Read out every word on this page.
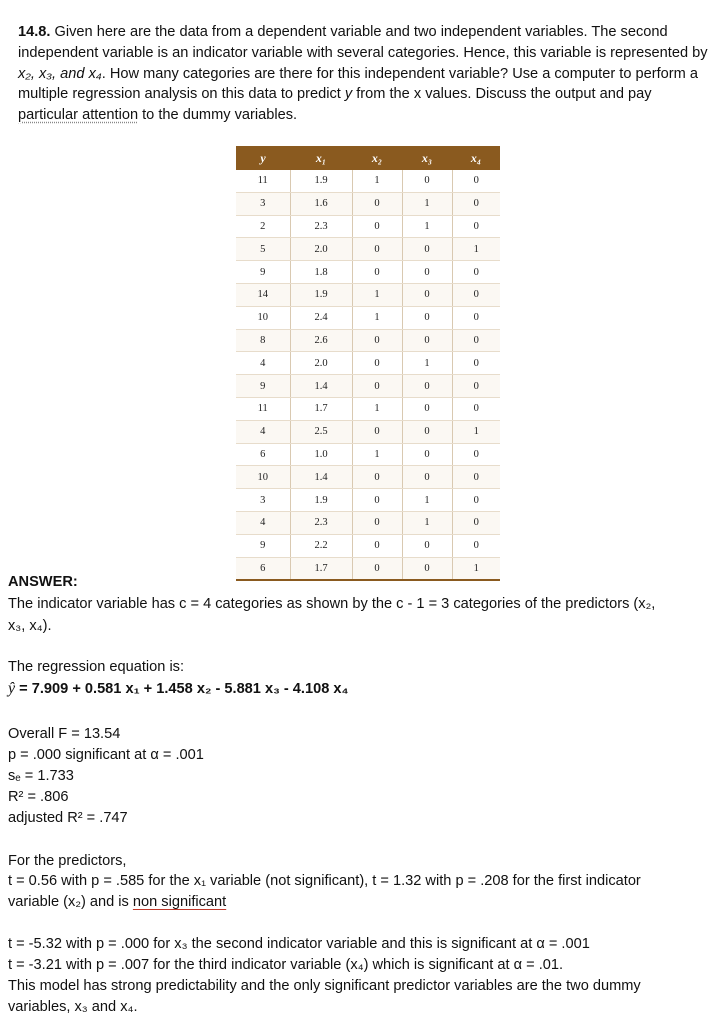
14.8. Given here are the data from a dependent variable and two independent variables. The second independent variable is an indicator variable with several categories. Hence, this variable is represented by x₂, x₃, and x₄. How many categories are there for this independent variable? Use a computer to perform a multiple regression analysis on this data to predict y from the x values. Discuss the output and pay particular attention to the dummy variables.
y	x₁	x₂	x₃	x₄
11	1.9	1	0	0
3	1.6	0	1	0
2	2.3	0	1	0
5	2.0	0	0	1
9	1.8	0	0	0
14	1.9	1	0	0
10	2.4	1	0	0
8	2.6	0	0	0
4	2.0	0	1	0
9	1.4	0	0	0
11	1.7	1	0	0
4	2.5	0	0	1
6	1.0	1	0	0
10	1.4	0	0	0
3	1.9	0	1	0
4	2.3	0	1	0
9	2.2	0	0	0
6	1.7	0	0	1
ANSWER:
The indicator variable has c = 4 categories as shown by the c - 1 = 3 categories of the predictors (x₂,
x₃, x₄).
The regression equation is:
ŷ = 7.909 + 0.581 x₁ + 1.458 x₂ - 5.881 x₃ - 4.108 x₄
Overall F = 13.54
p = .000 significant at α = .001
sₑ = 1.733
R² = .806
adjusted R² = .747
For the predictors,
t = 0.56 with p = .585 for the x₁ variable (not significant), t = 1.32 with p = .208 for the first indicator
variable (x₂) and is non significant
t = -5.32 with p = .000 for x₃ the second indicator variable and this is significant at α = .001
t = -3.21 with p = .007 for the third indicator variable (x₄) which is significant at α = .01.
This model has strong predictability and the only significant predictor variables are the two dummy
variables, x₃ and x₄.
